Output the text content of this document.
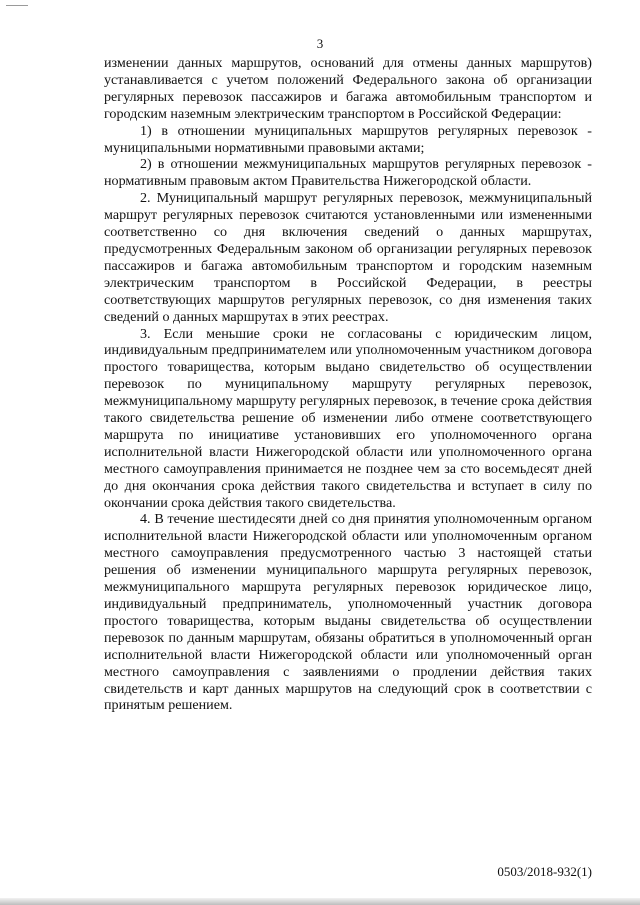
3

изменении данных маршрутов, оснований для отмены данных маршрутов) устанавливается с учетом положений Федерального закона об организации регулярных перевозок пассажиров и багажа автомобильным транспортом и городским наземным электрическим транспортом в Российской Федерации:

1) в отношении муниципальных маршрутов регулярных перевозок - муниципальными нормативными правовыми актами;

2) в отношении межмуниципальных маршрутов регулярных перевозок - нормативным правовым актом Правительства Нижегородской области.

2. Муниципальный маршрут регулярных перевозок, межмуниципальный маршрут регулярных перевозок считаются установленными или измененными соответственно со дня включения сведений о данных маршрутах, предусмотренных Федеральным законом об организации регулярных перевозок пассажиров и багажа автомобильным транспортом и городским наземным электрическим транспортом в Российской Федерации, в реестры соответствующих маршрутов регулярных перевозок, со дня изменения таких сведений о данных маршрутах в этих реестрах.

3. Если меньшие сроки не согласованы с юридическим лицом, индивидуальным предпринимателем или уполномоченным участником договора простого товарищества, которым выдано свидетельство об осуществлении перевозок по муниципальному маршруту регулярных перевозок, межмуниципальному маршруту регулярных перевозок, в течение срока действия такого свидетельства решение об изменении либо отмене соответствующего маршрута по инициативе установивших его уполномоченного органа исполнительной власти Нижегородской области или уполномоченного органа местного самоуправления принимается не позднее чем за сто восемьдесят дней до дня окончания срока действия такого свидетельства и вступает в силу по окончании срока действия такого свидетельства.

4. В течение шестидесяти дней со дня принятия уполномоченным органом исполнительной власти Нижегородской области или уполномоченным органом местного самоуправления предусмотренного частью 3 настоящей статьи решения об изменении муниципального маршрута регулярных перевозок, межмуниципального маршрута регулярных перевозок юридическое лицо, индивидуальный предприниматель, уполномоченный участник договора простого товарищества, которым выданы свидетельства об осуществлении перевозок по данным маршрутам, обязаны обратиться в уполномоченный орган исполнительной власти Нижегородской области или уполномоченный орган местного самоуправления с заявлениями о продлении действия таких свидетельств и карт данных маршрутов на следующий срок в соответствии с принятым решением.

0503/2018-932(1)
